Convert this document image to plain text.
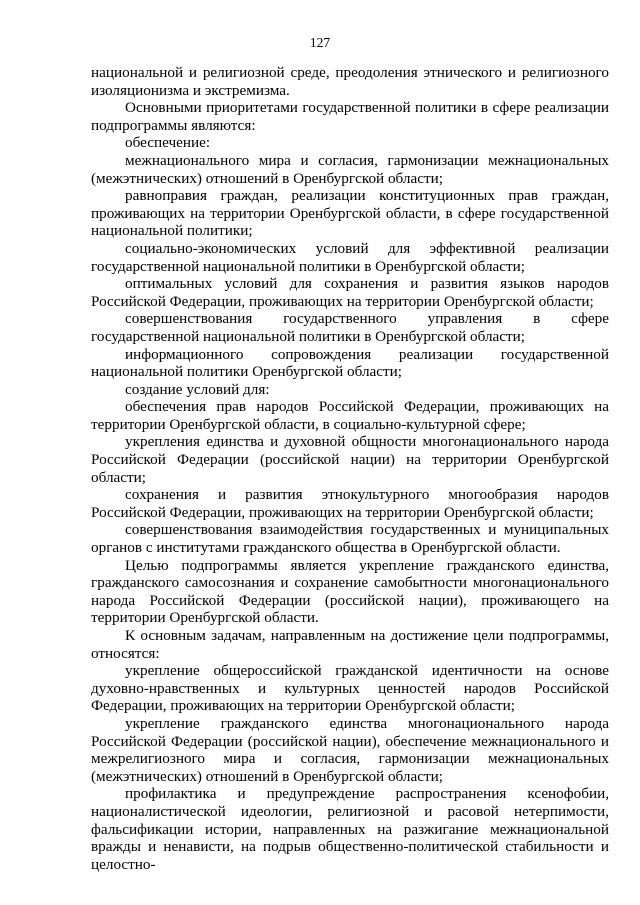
127

национальной и религиозной среде, преодоления этнического и религиозного изоляционизма и экстремизма.

Основными приоритетами государственной политики в сфере реализации подпрограммы являются:

обеспечение:

межнационального мира и согласия, гармонизации межнациональных (межэтнических) отношений в Оренбургской области;

равноправия граждан, реализации конституционных прав граждан, проживающих на территории Оренбургской области, в сфере государственной национальной политики;

социально-экономических условий для эффективной реализации государственной национальной политики в Оренбургской области;

оптимальных условий для сохранения и развития языков народов Российской Федерации, проживающих на территории Оренбургской области;

совершенствования государственного управления в сфере государственной национальной политики в Оренбургской области;

информационного сопровождения реализации государственной национальной политики Оренбургской области;

создание условий для:

обеспечения прав народов Российской Федерации, проживающих на территории Оренбургской области, в социально-культурной сфере;

укрепления единства и духовной общности многонационального народа Российской Федерации (российской нации) на территории Оренбургской области;

сохранения и развития этнокультурного многообразия народов Российской Федерации, проживающих на территории Оренбургской области;

совершенствования взаимодействия государственных и муниципальных органов с институтами гражданского общества в Оренбургской области.

Целью подпрограммы является укрепление гражданского единства, гражданского самосознания и сохранение самобытности многонационального народа Российской Федерации (российской нации), проживающего на территории Оренбургской области.

К основным задачам, направленным на достижение цели подпрограммы, относятся:

укрепление общероссийской гражданской идентичности на основе духовно-нравственных и культурных ценностей народов Российской Федерации, проживающих на территории Оренбургской области;

укрепление гражданского единства многонационального народа Российской Федерации (российской нации), обеспечение межнационального и межрелигиозного мира и согласия, гармонизации межнациональных (межэтнических) отношений в Оренбургской области;

профилактика и предупреждение распространения ксенофобии, националистической идеологии, религиозной и расовой нетерпимости, фальсификации истории, направленных на разжигание межнациональной вражды и ненависти, на подрыв общественно-политической стабильности и целостно-
